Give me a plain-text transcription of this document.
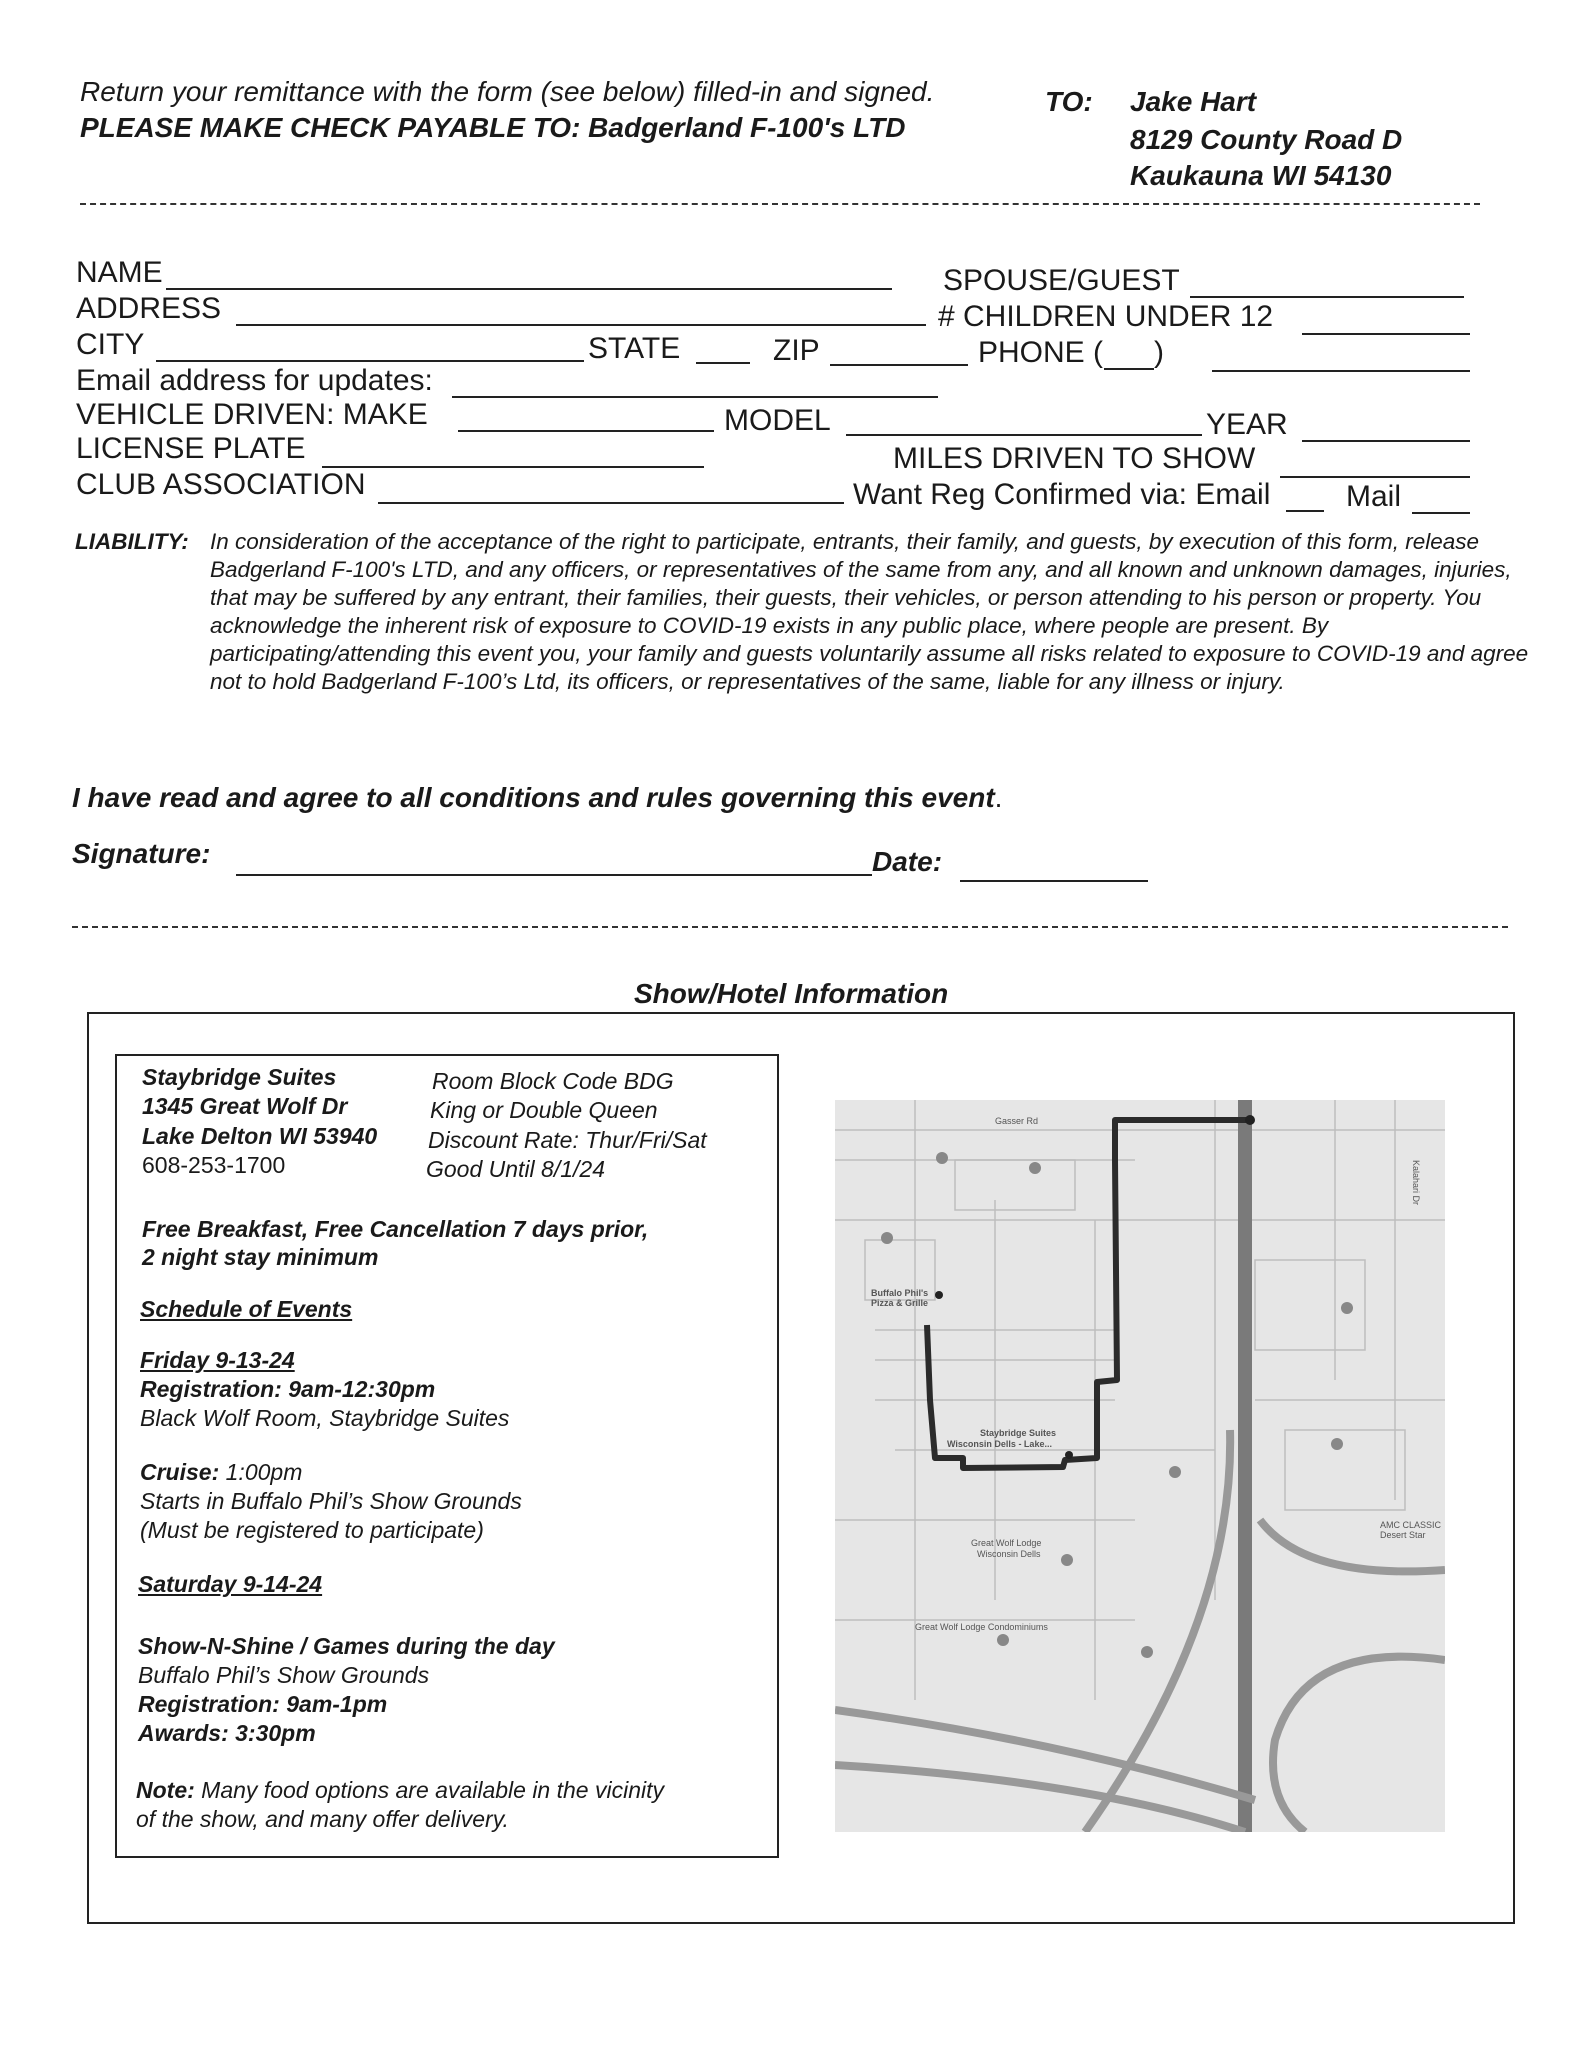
Return your remittance with the form (see below) filled-in and signed.	TO:
PLEASE MAKE CHECK PAYABLE TO: Badgerland F-100's LTD
Jake Hart
8129 County Road D
Kaukauna WI 54130
NAME	SPOUSE/GUEST
ADDRESS	# CHILDREN UNDER 12
CITY	STATE	ZIP	PHONE ( )
Email address for updates:
VEHICLE DRIVEN: MAKE	MODEL	YEAR
LICENSE PLATE	MILES DRIVEN TO SHOW
CLUB ASSOCIATION	Want Reg Confirmed via: Email	Mail
LIABILITY: In consideration of the acceptance of the right to participate, entrants, their family, and guests, by execution of this form, release Badgerland F-100's LTD, and any officers, or representatives of the same from any, and all known and unknown damages, injuries, that may be suffered by any entrant, their families, their guests, their vehicles, or person attending to his person or property. You acknowledge the inherent risk of exposure to COVID-19 exists in any public place, where people are present. By participating/attending this event you, your family and guests voluntarily assume all risks related to exposure to COVID-19 and agree not to hold Badgerland F-100’s Ltd, its officers, or representatives of the same, liable for any illness or injury.
I have read and agree to all conditions and rules governing this event.
Signature:	Date:
Show/Hotel Information
Staybridge Suites
1345 Great Wolf Dr
Lake Delton WI 53940
608-253-1700
Room Block Code BDG
King or Double Queen
Discount Rate: Thur/Fri/Sat
Good Until 8/1/24
Free Breakfast, Free Cancellation 7 days prior,
2 night stay minimum
Schedule of Events
Friday 9-13-24
Registration: 9am-12:30pm
Black Wolf Room, Staybridge Suites
Cruise: 1:00pm
Starts in Buffalo Phil’s Show Grounds
(Must be registered to participate)
Saturday 9-14-24
Show-N-Shine / Games during the day
Buffalo Phil’s Show Grounds
Registration: 9am-1pm
Awards: 3:30pm
Note: Many food options are available in the vicinity
of the show, and many offer delivery.
Gasser Rd
Buffalo Phil's
Pizza & Grille
Staybridge Suites
Wisconsin Dells - Lake...
Great Wolf Lodge
Wisconsin Dells
Great Wolf Lodge Condominiums
AMC CLASSIC
Desert Star
Kalahari Dr
